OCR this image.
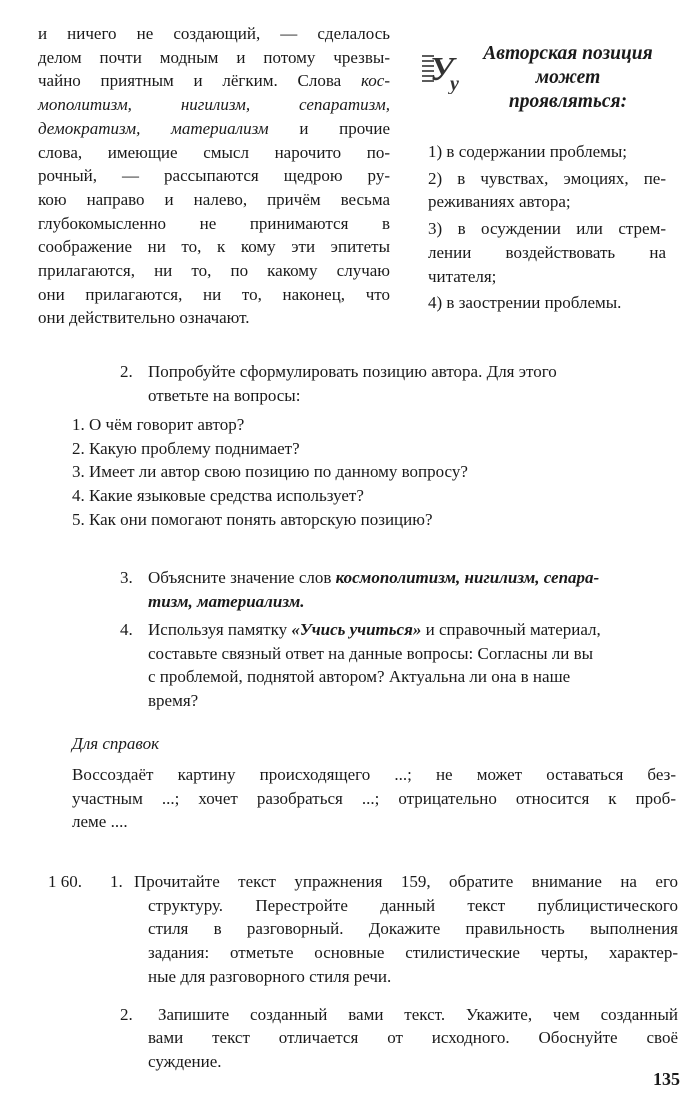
и ничего не создающий, — сделалось
делом почти модным и потому чрезвы-
чайно приятным и лёгким. Слова кос-
мополитизм, нигилизм, сепаратизм,
демократизм, материализм и прочие
слова, имеющие смысл нарочито по-
рочный, — рассыпаются щедрою ру-
кою направо и налево, причём весьма
глубокомысленно не принимаются в
соображение ни то, к кому эти эпитеты
прилагаются, ни то, по какому случаю
они прилагаются, ни то, наконец, что
они действительно означают.
У
y
Авторская позиция
может
проявляться:
1) в содержании проблемы;
2) в чувствах, эмоциях, пе-
реживаниях автора;
3) в осуждении или стрем-
лении воздействовать на
читателя;
4) в заострении проблемы.
2. Попробуйте сформулировать позицию автора. Для этого
ответьте на вопросы:
1. О чём говорит автор?
2. Какую проблему поднимает?
3. Имеет ли автор свою позицию по данному вопросу?
4. Какие языковые средства использует?
5. Как они помогают понять авторскую позицию?
3. Объясните значение слов космополитизм, нигилизм, сепара-
тизм, материализм.
4. Используя памятку «Учись учиться» и справочный материал,
составьте связный ответ на данные вопросы: Согласны ли вы
с проблемой, поднятой автором? Актуальна ли она в наше
время?
Для справок
Воссоздаёт картину происходящего ...; не может оставаться без-
участным ...; хочет разобраться ...; отрицательно относится к проб-
леме ....
1 60.	1. Прочитайте текст упражнения 159, обратите внимание на его
структуру. Перестройте данный текст публицистического
стиля в разговорный. Докажите правильность выполнения
задания: отметьте основные стилистические черты, характер-
ные для разговорного стиля речи.
2.	Запишите созданный вами текст. Укажите, чем созданный
вами текст отличается от исходного. Обоснуйте своё
суждение.
135
